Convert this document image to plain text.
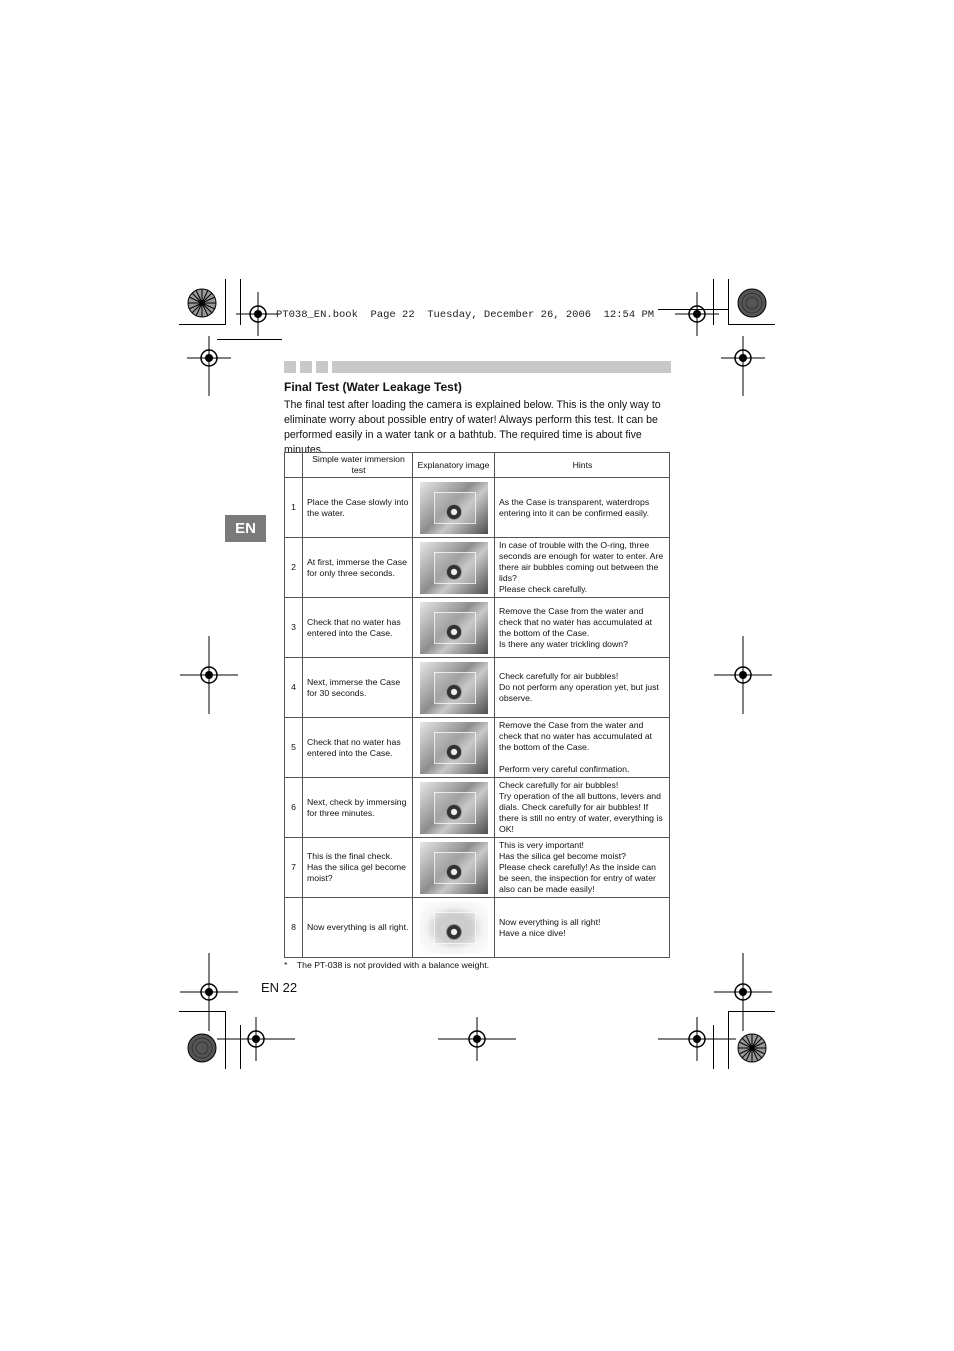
PT038_EN.book  Page 22  Tuesday, December 26, 2006  12:54 PM
EN
Final Test (Water Leakage Test)
The final test after loading the camera is explained below. This is the only way to eliminate worry about possible entry of water! Always perform this test. It can be performed easily in a water tank or a bathtub. The required time is about five minutes.
	Simple water immersion test	Explanatory image	Hints
1	Place the Case slowly into the water.		As the Case is transparent, waterdrops entering into it can be confirmed easily.
2	At first, immerse the Case for only three seconds.		In case of trouble with the O-ring, three seconds are enough for water to enter. Are there air bubbles coming out between the lids?
Please check carefully.
3	Check that no water has entered into the Case.		Remove the Case from the water and check that no water has accumulated at the bottom of the Case.
Is there any water trickling down?
4	Next, immerse the Case for 30 seconds.		Check carefully for air bubbles!
Do not perform any operation yet, but just observe.
5	Check that no water has entered into the Case.		Remove the Case from the water and check that no water has accumulated at the bottom of the Case.

Perform very careful confirmation.
6	Next, check by immersing for three minutes.		Check carefully for air bubbles!
Try operation of the all buttons, levers and dials. Check carefully for air bubbles! If there is still no entry of water, everything is OK!
7	This is the final check. Has the silica gel become moist?		This is very important!
Has the silica gel become moist?
Please check carefully! As the inside can be seen, the inspection for entry of water also can be made easily!
8	Now everything is all right.		Now everything is all right!
Have a nice dive!
*    The PT-038 is not provided with a balance weight.
EN 22
